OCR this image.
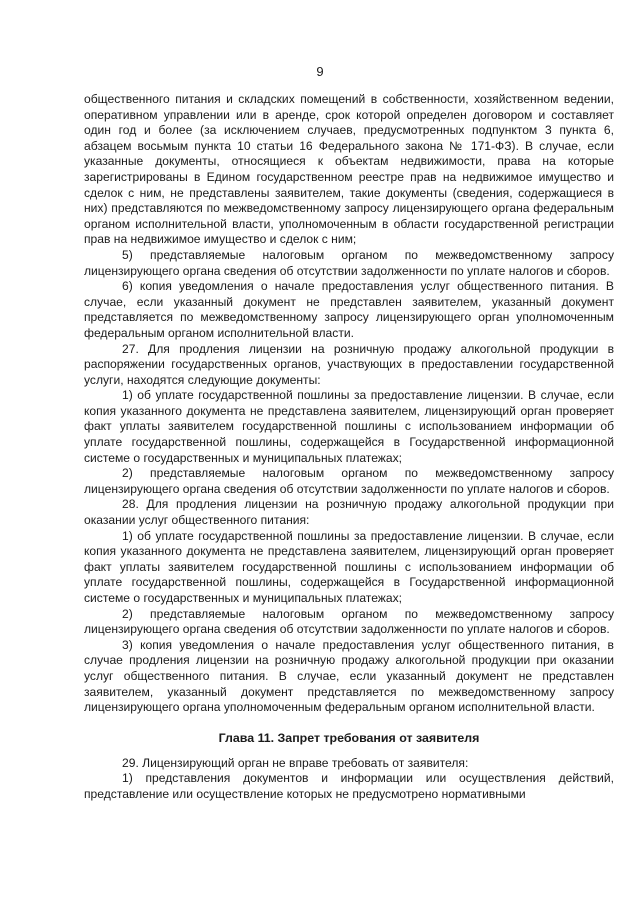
9

общественного питания и складских помещений в собственности, хозяйственном ведении, оперативном управлении или в аренде, срок которой определен договором и составляет один год и более (за исключением случаев, предусмотренных подпунктом 3 пункта 6, абзацем восьмым пункта 10 статьи 16 Федерального закона № 171-ФЗ). В случае, если указанные документы, относящиеся к объектам недвижимости, права на которые зарегистрированы в Едином государственном реестре прав на недвижимое имущество и сделок с ним, не представлены заявителем, такие документы (сведения, содержащиеся в них) представляются по межведомственному запросу лицензирующего органа федеральным органом исполнительной власти, уполномоченным в области государственной регистрации прав на недвижимое имущество и сделок с ним;

5) представляемые налоговым органом по межведомственному запросу лицензирующего органа сведения об отсутствии задолженности по уплате налогов и сборов.

6) копия уведомления о начале предоставления услуг общественного питания. В случае, если указанный документ не представлен заявителем, указанный документ представляется по межведомственному запросу лицензирующего орган уполномоченным федеральным органом исполнительной власти.

27. Для продления лицензии на розничную продажу алкогольной продукции в распоряжении государственных органов, участвующих в предоставлении государственной услуги, находятся следующие документы:

1) об уплате государственной пошлины за предоставление лицензии. В случае, если копия указанного документа не представлена заявителем, лицензирующий орган проверяет факт уплаты заявителем государственной пошлины с использованием информации об уплате государственной пошлины, содержащейся в Государственной информационной системе о государственных и муниципальных платежах;

2) представляемые налоговым органом по межведомственному запросу лицензирующего органа сведения об отсутствии задолженности по уплате налогов и сборов.

28. Для продления лицензии на розничную продажу алкогольной продукции при оказании услуг общественного питания:

1) об уплате государственной пошлины за предоставление лицензии. В случае, если копия указанного документа не представлена заявителем, лицензирующий орган проверяет факт уплаты заявителем государственной пошлины с использованием информации об уплате государственной пошлины, содержащейся в Государственной информационной системе о государственных и муниципальных платежах;

2) представляемые налоговым органом по межведомственному запросу лицензирующего органа сведения об отсутствии задолженности по уплате налогов и сборов.

3) копия уведомления о начале предоставления услуг общественного питания, в случае продления лицензии на розничную продажу алкогольной продукции при оказании услуг общественного питания. В случае, если указанный документ не представлен заявителем, указанный документ представляется по межведомственному запросу лицензирующего органа уполномоченным федеральным органом исполнительной власти.

Глава 11. Запрет требования от заявителя

29. Лицензирующий орган не вправе требовать от заявителя:

1) представления документов и информации или осуществления действий, представление или осуществление которых не предусмотрено нормативными
